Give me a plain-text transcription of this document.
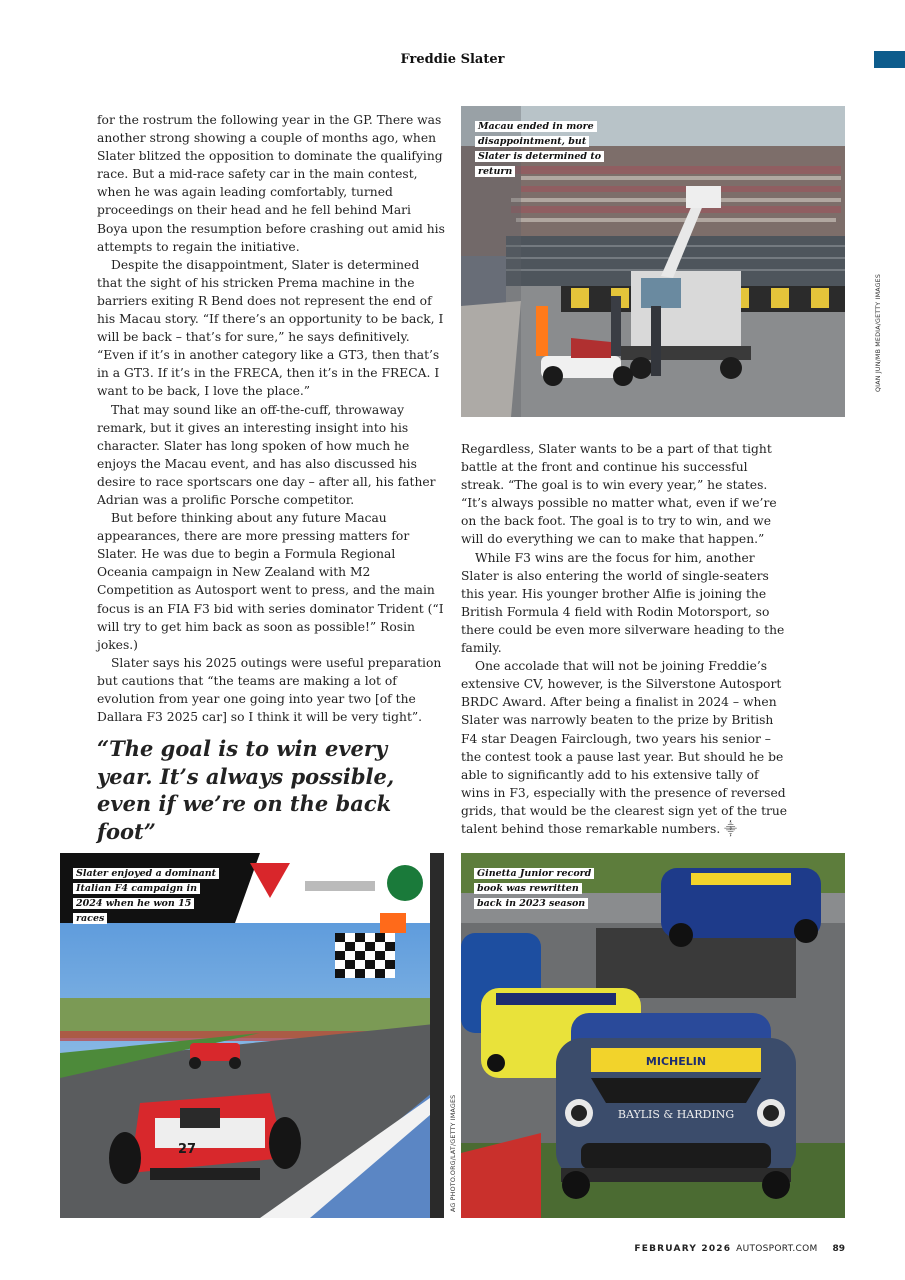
Freddie Slater

for the rostrum the following year in the GP. There was another strong showing a couple of months ago, when Slater blitzed the opposition to dominate the qualifying race. But a mid-race safety car in the main contest, when he was again leading comfortably, turned proceedings on their head and he fell behind Mari Boya upon the resumption before crashing out amid his attempts to regain the initiative.

Despite the disappointment, Slater is determined that the sight of his stricken Prema machine in the barriers exiting R Bend does not represent the end of his Macau story. “If there’s an opportunity to be back, I will be back – that’s for sure,” he says definitively. “Even if it’s in another category like a GT3, then that’s in a GT3. If it’s in the FRECA, then it’s in the FRECA. I want to be back, I love the place.”

That may sound like an off-the-cuff, throwaway remark, but it gives an interesting insight into his character. Slater has long spoken of how much he enjoys the Macau event, and has also discussed his desire to race sportscars one day – after all, his father Adrian was a prolific Porsche competitor.

But before thinking about any future Macau appearances, there are more pressing matters for Slater. He was due to begin a Formula Regional Oceania campaign in New Zealand with M2 Competition as Autosport went to press, and the main focus is an FIA F3 bid with series dominator Trident (“I will try to get him back as soon as possible!” Rosin jokes.)

Slater says his 2025 outings were useful preparation but cautions that “the teams are making a lot of evolution from year one going into year two [of the Dallara F3 2025 car] so I think it will be very tight”.

“The goal is to win every year. It’s always possible, even if we’re on the back foot”

Regardless, Slater wants to be a part of that tight battle at the front and continue his successful streak. “The goal is to win every year,” he states. “It’s always possible no matter what, even if we’re on the back foot. The goal is to try to win, and we will do everything we can to make that happen.”

While F3 wins are the focus for him, another Slater is also entering the world of single-seaters this year. His younger brother Alfie is joining the British Formula 4 field with Rodin Motorsport, so there could be even more silverware heading to the family.

One accolade that will not be joining Freddie’s extensive CV, however, is the Silverstone Autosport BRDC Award. After being a finalist in 2024 – when Slater was narrowly beaten to the prize by British F4 star Deagen Fairclough, two years his senior – the contest took a pause last year. But should he be able to significantly add to his extensive tally of wins in F3, especially with the presence of reversed grids, that would be the clearest sign yet of the true talent behind those remarkable numbers. ⸎

Macau ended in more disappointment, but Slater is determined to return
QIAN JUN/MB MEDIA/GETTY IMAGES
27
Slater enjoyed a dominant Italian F4 campaign in 2024 when he won 15 races
AG PHOTO.ORG/LAT/GETTY IMAGES
MICHELIN
BAYLIS & HARDING
Ginetta Junior record book was rewritten back in 2023 season
FEBRUARY 2026 AUTOSPORT.COM 89
